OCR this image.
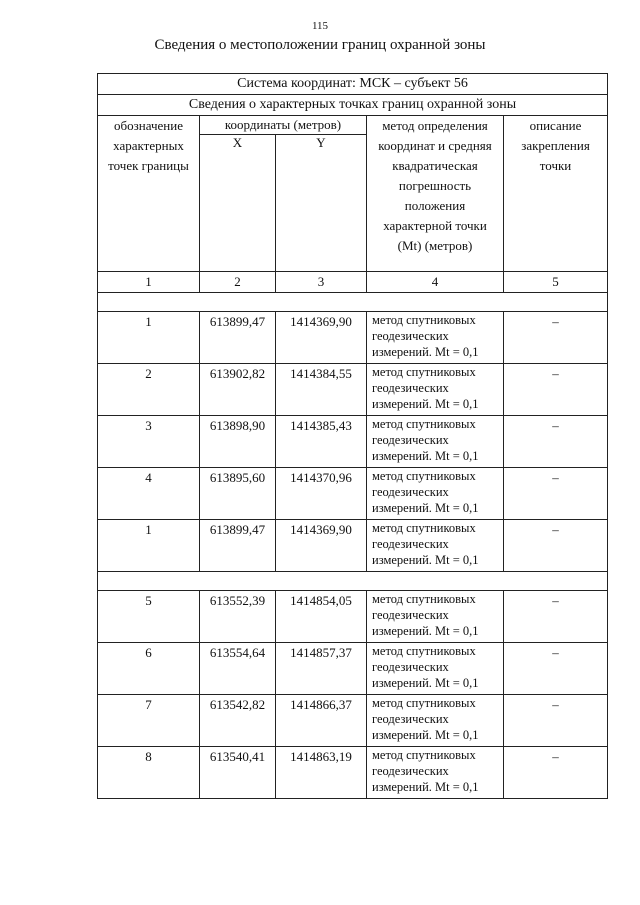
115
Сведения о местоположении границ охранной зоны
Система координат: МСК – субъект 56				
Сведения о характерных точках границ охранной зоны				
обозначение характерных точек границы	координаты (метров)		метод определения координат и средняя квадратическая погрешность положения характерной точки (Mt) (метров)	описание закрепления точки
	X	Y		
1	2	3	4	5

1	613899,47	1414369,90	метод спутниковых геодезических измерений. Mt = 0,1	–
2	613902,82	1414384,55	метод спутниковых геодезических измерений. Mt = 0,1	–
3	613898,90	1414385,43	метод спутниковых геодезических измерений. Mt = 0,1	–
4	613895,60	1414370,96	метод спутниковых геодезических измерений. Mt = 0,1	–
1	613899,47	1414369,90	метод спутниковых геодезических измерений. Mt = 0,1	–

5	613552,39	1414854,05	метод спутниковых геодезических измерений. Mt = 0,1	–
6	613554,64	1414857,37	метод спутниковых геодезических измерений. Mt = 0,1	–
7	613542,82	1414866,37	метод спутниковых геодезических измерений. Mt = 0,1	–
8	613540,41	1414863,19	метод спутниковых геодезических измерений. Mt = 0,1	–
